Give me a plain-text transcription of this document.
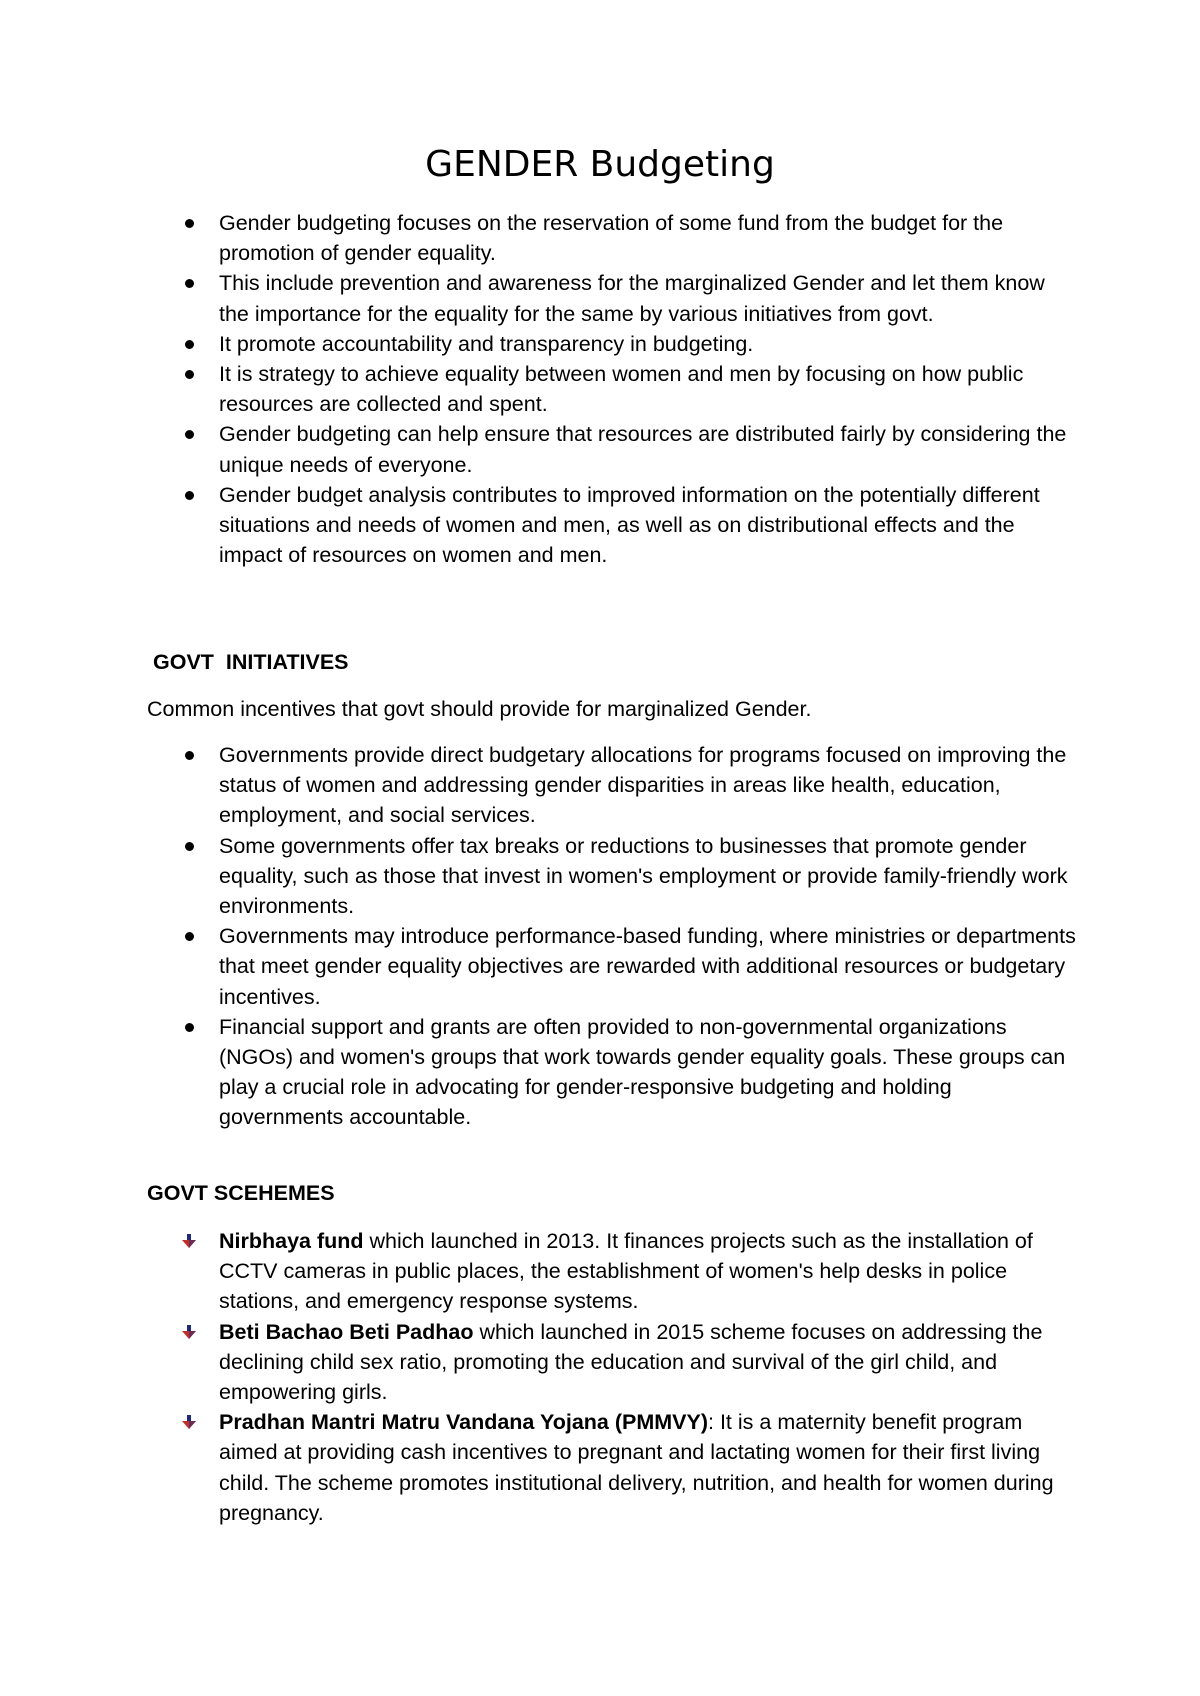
GENDER Budgeting
Gender budgeting focuses on the reservation of some fund from the budget for the promotion of gender equality.
This include prevention and awareness for the marginalized Gender and let them know the importance for the equality for the same by various initiatives from govt.
It promote accountability and transparency in budgeting.
It is strategy to achieve equality between women and men by focusing on how public resources are collected and spent.
Gender budgeting can help ensure that resources are distributed fairly by considering the unique needs of everyone.
Gender budget analysis contributes to improved information on the potentially different situations and needs of women and men, as well as on distributional effects and the impact of resources on women and men.
GOVT  INITIATIVES

Common incentives that govt should provide for marginalized Gender.

Governments provide direct budgetary allocations for programs focused on improving the status of women and addressing gender disparities in areas like health, education, employment, and social services.
Some governments offer tax breaks or reductions to businesses that promote gender equality, such as those that invest in women's employment or provide family-friendly work environments.
Governments may introduce performance-based funding, where ministries or departments that meet gender equality objectives are rewarded with additional resources or budgetary incentives.
Financial support and grants are often provided to non-governmental organizations (NGOs) and women's groups that work towards gender equality goals. These groups can play a crucial role in advocating for gender-responsive budgeting and holding governments accountable.
GOVT SCEHEMES
Nirbhaya fund which launched in 2013. It finances projects such as the installation of CCTV cameras in public places, the establishment of women's help desks in police stations, and emergency response systems.
Beti Bachao Beti Padhao which launched in 2015 scheme focuses on addressing the declining child sex ratio, promoting the education and survival of the girl child, and empowering girls.
Pradhan Mantri Matru Vandana Yojana (PMMVY): It is a maternity benefit program aimed at providing cash incentives to pregnant and lactating women for their first living child. The scheme promotes institutional delivery, nutrition, and health for women during pregnancy.
